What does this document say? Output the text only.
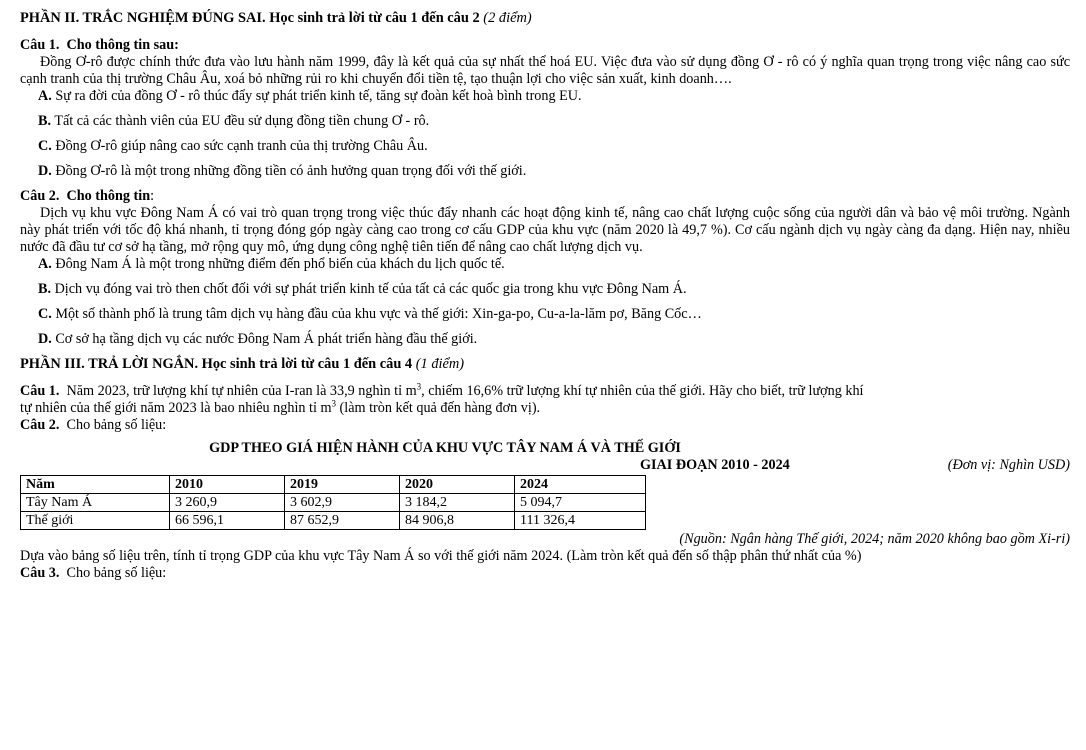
PHẦN II. TRẮC NGHIỆM ĐÚNG SAI. Học sinh trả lời từ câu 1 đến câu 2 (2 điểm)
Câu 1. Cho thông tin sau:
Đồng Ơ-rô được chính thức đưa vào lưu hành năm 1999, đây là kết quả của sự nhất thể hoá EU. Việc đưa vào sử dụng đồng Ơ - rô có ý nghĩa quan trọng trong việc nâng cao sức cạnh tranh của thị trường Châu Âu, xoá bỏ những rủi ro khi chuyển đổi tiền tệ, tạo thuận lợi cho việc sản xuất, kinh doanh….
A. Sự ra đời của đồng Ơ - rô thúc đẩy sự phát triển kinh tế, tăng sự đoàn kết hoà bình trong EU.
B. Tất cả các thành viên của EU đều sử dụng đồng tiền chung Ơ - rô.
C. Đồng Ơ-rô giúp nâng cao sức cạnh tranh của thị trường Châu Âu.
D. Đồng Ơ-rô là một trong những đồng tiền có ảnh hưởng quan trọng đối với thế giới.
Câu 2. Cho thông tin:
Dịch vụ khu vực Đông Nam Á có vai trò quan trọng trong việc thúc đẩy nhanh các hoạt động kinh tế, nâng cao chất lượng cuộc sống của người dân và bảo vệ môi trường. Ngành này phát triển với tốc độ khá nhanh, tỉ trọng đóng góp ngày càng cao trong cơ cấu GDP của khu vực (năm 2020 là 49,7 %). Cơ cấu ngành dịch vụ ngày càng đa dạng. Hiện nay, nhiều nước đã đầu tư cơ sở hạ tầng, mở rộng quy mô, ứng dụng công nghệ tiên tiến để nâng cao chất lượng dịch vụ.
A. Đông Nam Á là một trong những điểm đến phổ biến của khách du lịch quốc tế.
B. Dịch vụ đóng vai trò then chốt đối với sự phát triển kinh tế của tất cả các quốc gia trong khu vực Đông Nam Á.
C. Một số thành phố là trung tâm dịch vụ hàng đầu của khu vực và thế giới: Xin-ga-po, Cu-a-la-lăm pơ, Băng Cốc…
D. Cơ sở hạ tầng dịch vụ các nước Đông Nam Á phát triển hàng đầu thế giới.
PHẦN III. TRẢ LỜI NGẮN. Học sinh trả lời từ câu 1 đến câu 4 (1 điểm)
Câu 1. Năm 2023, trữ lượng khí tự nhiên của I-ran là 33,9 nghìn tỉ $m^3$, chiếm 16,6% trữ lượng khí tự nhiên của thế giới. Hãy cho biết, trữ lượng khí
tự nhiên của thế giới năm 2023 là bao nhiêu nghìn tỉ $m^3$ (làm tròn kết quả đến hàng đơn vị).
Câu 2. Cho bảng số liệu:
GDP THEO GIÁ HIỆN HÀNH CỦA KHU VỰC TÂY NAM Á VÀ THẾ GIỚI
GIAI ĐOẠN 2010 - 2024	(Đơn vị: Nghìn USD)
Năm	2010	2019	2020	2024
Tây Nam Á	3 260,9	3 602,9	3 184,2	5 094,7
Thế giới	66 596,1	87 652,9	84 906,8	111 326,4
(Nguồn: Ngân hàng Thế giới, 2024; năm 2020 không bao gồm Xi-ri)
Dựa vào bảng số liệu trên, tính tỉ trọng GDP của khu vực Tây Nam Á so với thế giới năm 2024. (Làm tròn kết quả đến số thập phân thứ nhất của %)
Câu 3. Cho bảng số liệu:
